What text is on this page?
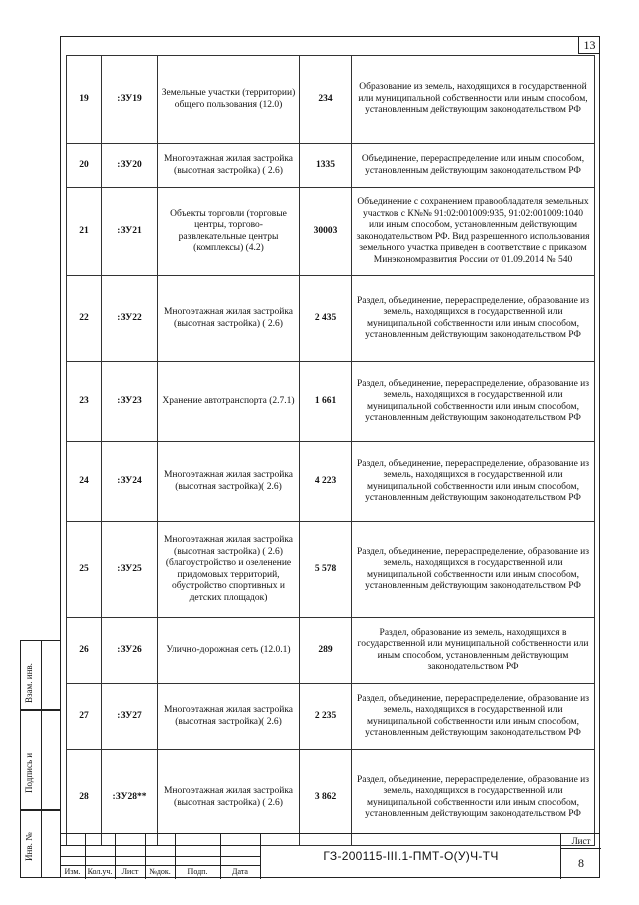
13
19	:ЗУ19	Земельные участки (территории) общего пользования (12.0)	234	Образование из земель, находящихся в государственной или муниципальной собственности или иным способом, установленным действующим законодательством РФ
20	:ЗУ20	Многоэтажная жилая застройка (высотная застройка) ( 2.6)	1335	Объединение, перераспределение или иным способом, установленным действующим законодательством РФ
21	:ЗУ21	Объекты торговли (торговые центры, торгово-развлекательные центры (комплексы) (4.2)	30003	Объединение с сохранением правообладателя земельных участков с К№№ 91:02:001009:935, 91:02:001009:1040 или иным способом, установленным действующим законодательством РФ. Вид разрешенного использования земельного участка приведен в соответствие с приказом Минэкономразвития России от 01.09.2014 № 540
22	:ЗУ22	Многоэтажная жилая застройка (высотная застройка) ( 2.6)	2 435	Раздел, объединение, перераспределение, образование из земель, находящихся в государственной или муниципальной собственности или иным способом, установленным действующим законодательством РФ
23	:ЗУ23	Хранение автотранспорта (2.7.1)	1 661	Раздел, объединение, перераспределение, образование из земель, находящихся в государственной или муниципальной собственности или иным способом, установленным действующим законодательством РФ
24	:ЗУ24	Многоэтажная жилая застройка (высотная застройка)( 2.6)	4 223	Раздел, объединение, перераспределение, образование из земель, находящихся в государственной или муниципальной собственности или иным способом, установленным действующим законодательством РФ
25	:ЗУ25	Многоэтажная жилая застройка (высотная застройка) ( 2.6) (благоустройство и озеленение придомовых территорий, обустройство спортивных и детских площадок)	5 578	Раздел, объединение, перераспределение, образование из земель, находящихся в государственной или муниципальной собственности или иным способом, установленным действующим законодательством РФ
26	:ЗУ26	Улично-дорожная сеть (12.0.1)	289	Раздел, образование из земель, находящихся в государственной или муниципальной собственности или иным способом, установленным действующим законодательством РФ
27	:ЗУ27	Многоэтажная жилая застройка (высотная застройка)( 2.6)	2 235	Раздел, объединение, перераспределение, образование из земель, находящихся в государственной или муниципальной собственности или иным способом, установленным действующим законодательством РФ
28	:ЗУ28**	Многоэтажная жилая застройка (высотная застройка) ( 2.6)	3 862	Раздел, объединение, перераспределение, образование из земель, находящихся в государственной или муниципальной собственности или иным способом, установленным действующим законодательством РФ
Изм. Кол.уч.	Лист	№док.	Подп.	Дата
ГЗ-200115-III.1-ПМТ-О(У)Ч-ТЧ
Лист
8
Взам. инв.
Подпись и
Инв. №
